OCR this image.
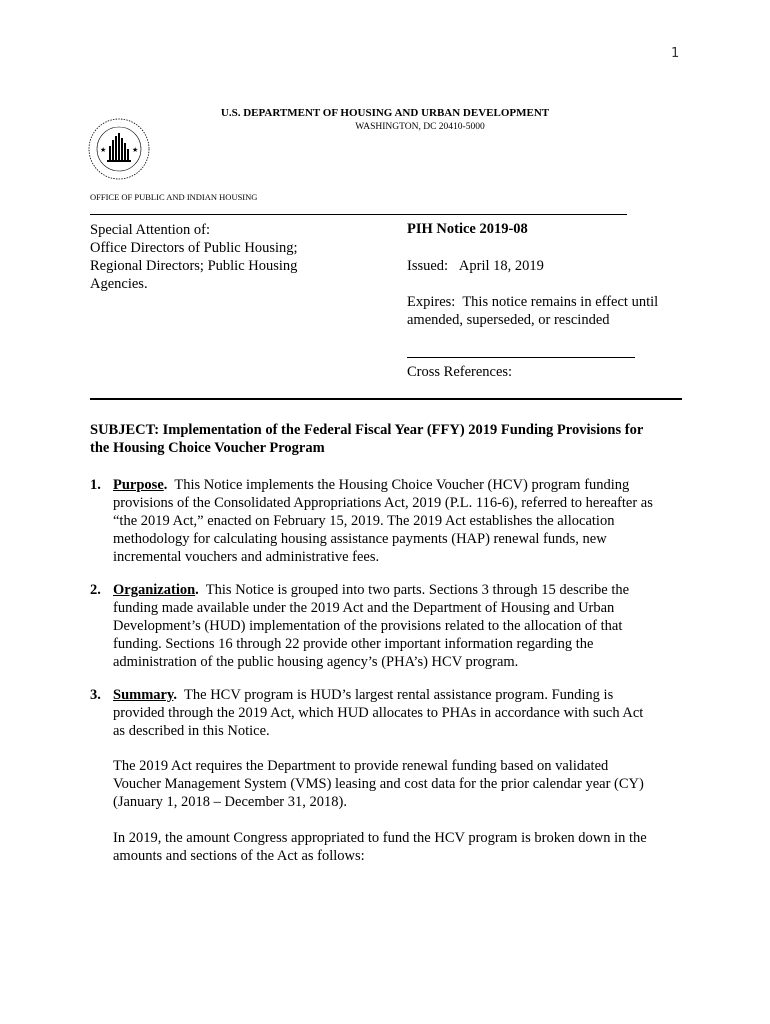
1
★	★
U.S. DEPARTMENT OF HOUSING AND URBAN DEVELOPMENT
WASHINGTON, DC 20410-5000
OFFICE OF PUBLIC AND INDIAN HOUSING
Special Attention of:
Office Directors of Public Housing;
Regional Directors; Public Housing
Agencies.
PIH Notice 2019-08
Issued: April 18, 2019
Expires: This notice remains in effect until
amended, superseded, or rescinded
Cross References:
SUBJECT: Implementation of the Federal Fiscal Year (FFY) 2019 Funding Provisions for
the Housing Choice Voucher Program
1. Purpose. This Notice implements the Housing Choice Voucher (HCV) program funding
provisions of the Consolidated Appropriations Act, 2019 (P.L. 116-6), referred to hereafter as
“the 2019 Act,” enacted on February 15, 2019. The 2019 Act establishes the allocation
methodology for calculating housing assistance payments (HAP) renewal funds, new
incremental vouchers and administrative fees.
2. Organization. This Notice is grouped into two parts. Sections 3 through 15 describe the
funding made available under the 2019 Act and the Department of Housing and Urban
Development’s (HUD) implementation of the provisions related to the allocation of that
funding. Sections 16 through 22 provide other important information regarding the
administration of the public housing agency’s (PHA’s) HCV program.
3. Summary. The HCV program is HUD’s largest rental assistance program. Funding is
provided through the 2019 Act, which HUD allocates to PHAs in accordance with such Act
as described in this Notice.
The 2019 Act requires the Department to provide renewal funding based on validated
Voucher Management System (VMS) leasing and cost data for the prior calendar year (CY)
(January 1, 2018 – December 31, 2018).
In 2019, the amount Congress appropriated to fund the HCV program is broken down in the
amounts and sections of the Act as follows:
